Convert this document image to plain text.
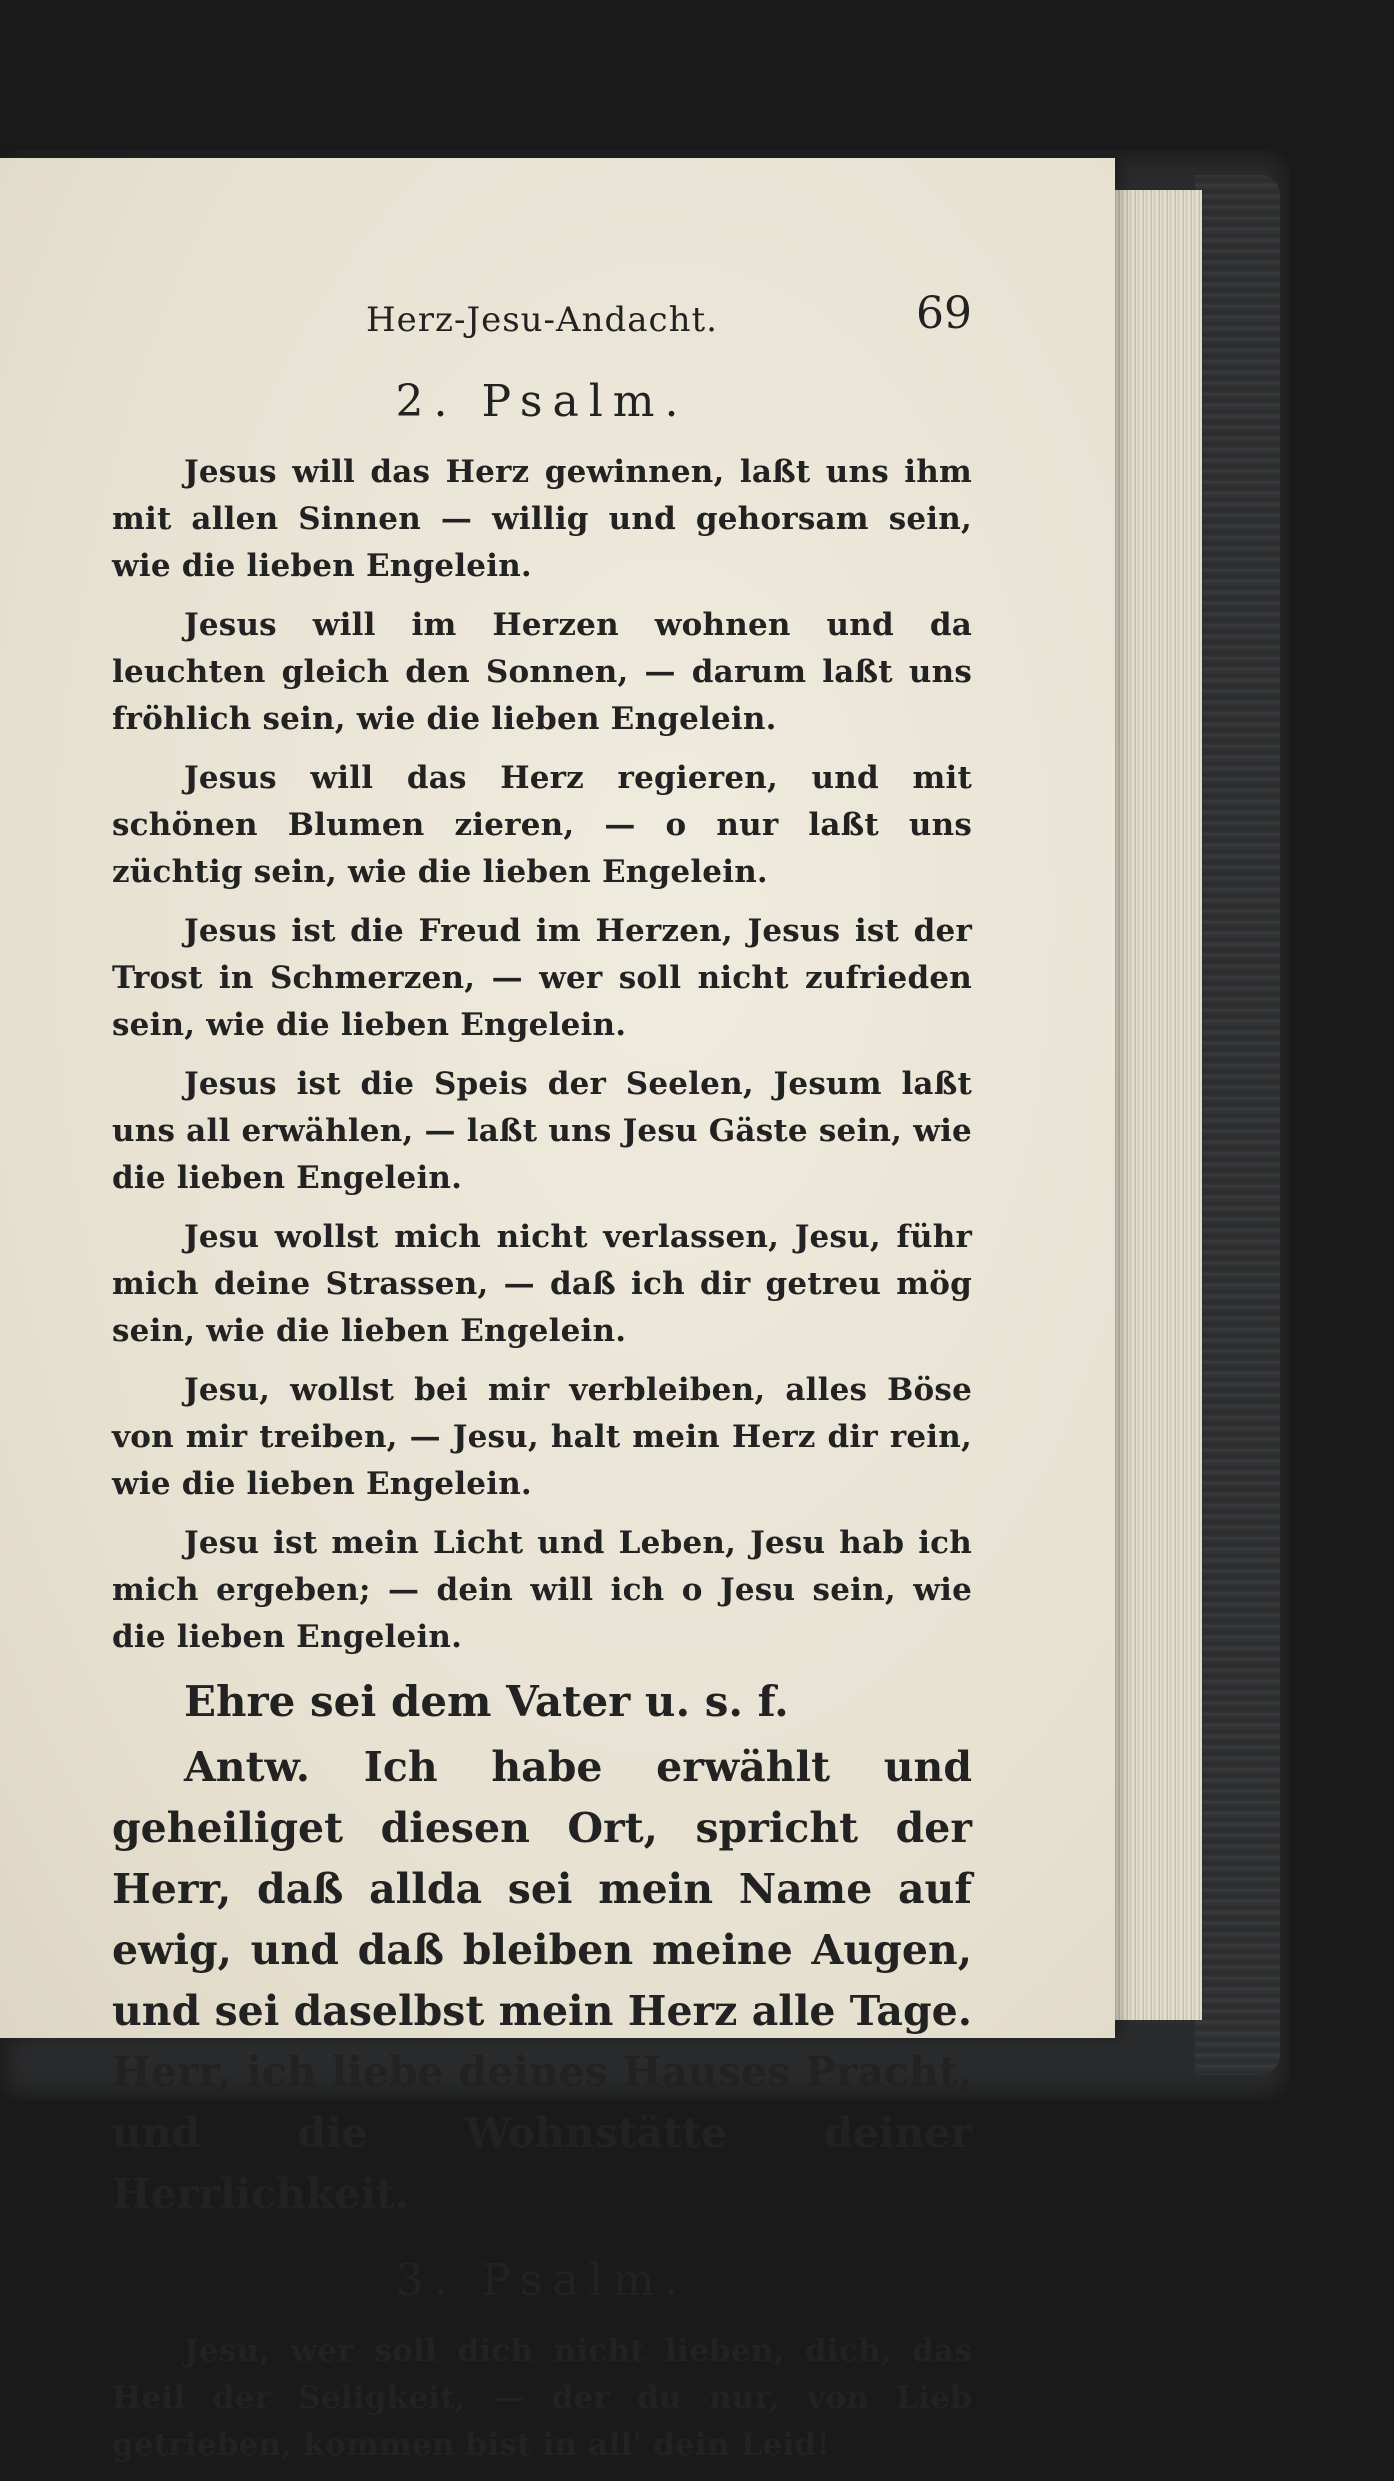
Herz-Jesu-Andacht.	69
2. Psalm.

Jesus will das Herz gewinnen, laßt uns ihm mit allen Sinnen — willig und gehorsam sein, wie die lieben Engelein.

Jesus will im Herzen wohnen und da leuchten gleich den Sonnen, — darum laßt uns fröhlich sein, wie die lieben Engelein.

Jesus will das Herz regieren, und mit schönen Blumen zieren, — o nur laßt uns züchtig sein, wie die lieben Engelein.

Jesus ist die Freud im Herzen, Jesus ist der Trost in Schmerzen, — wer soll nicht zufrieden sein, wie die lieben Engelein.

Jesus ist die Speis der Seelen, Jesum laßt uns all erwählen, — laßt uns Jesu Gäste sein, wie die lieben Engelein.

Jesu wollst mich nicht verlassen, Jesu, führ mich deine Strassen, — daß ich dir getreu mög sein, wie die lieben Engelein.

Jesu, wollst bei mir verbleiben, alles Böse von mir treiben, — Jesu, halt mein Herz dir rein, wie die lieben Engelein.

Jesu ist mein Licht und Leben, Jesu hab ich mich ergeben; — dein will ich o Jesu sein, wie die lieben Engelein.

Ehre sei dem Vater u. s. f.

Antw. Ich habe erwählt und geheiliget diesen Ort, spricht der Herr, daß allda sei mein Name auf ewig, und daß bleiben meine Augen, und sei daselbst mein Herz alle Tage. Herr, ich liebe deines Hauses Pracht, und die Wohnstätte deiner Herrlichkeit.

3. Psalm.

Jesu, wer soll dich nicht lieben, dich, das Heil der Seligkeit, — der du nur, von Lieb getrieben, kommen bist in all' dein Leid!
